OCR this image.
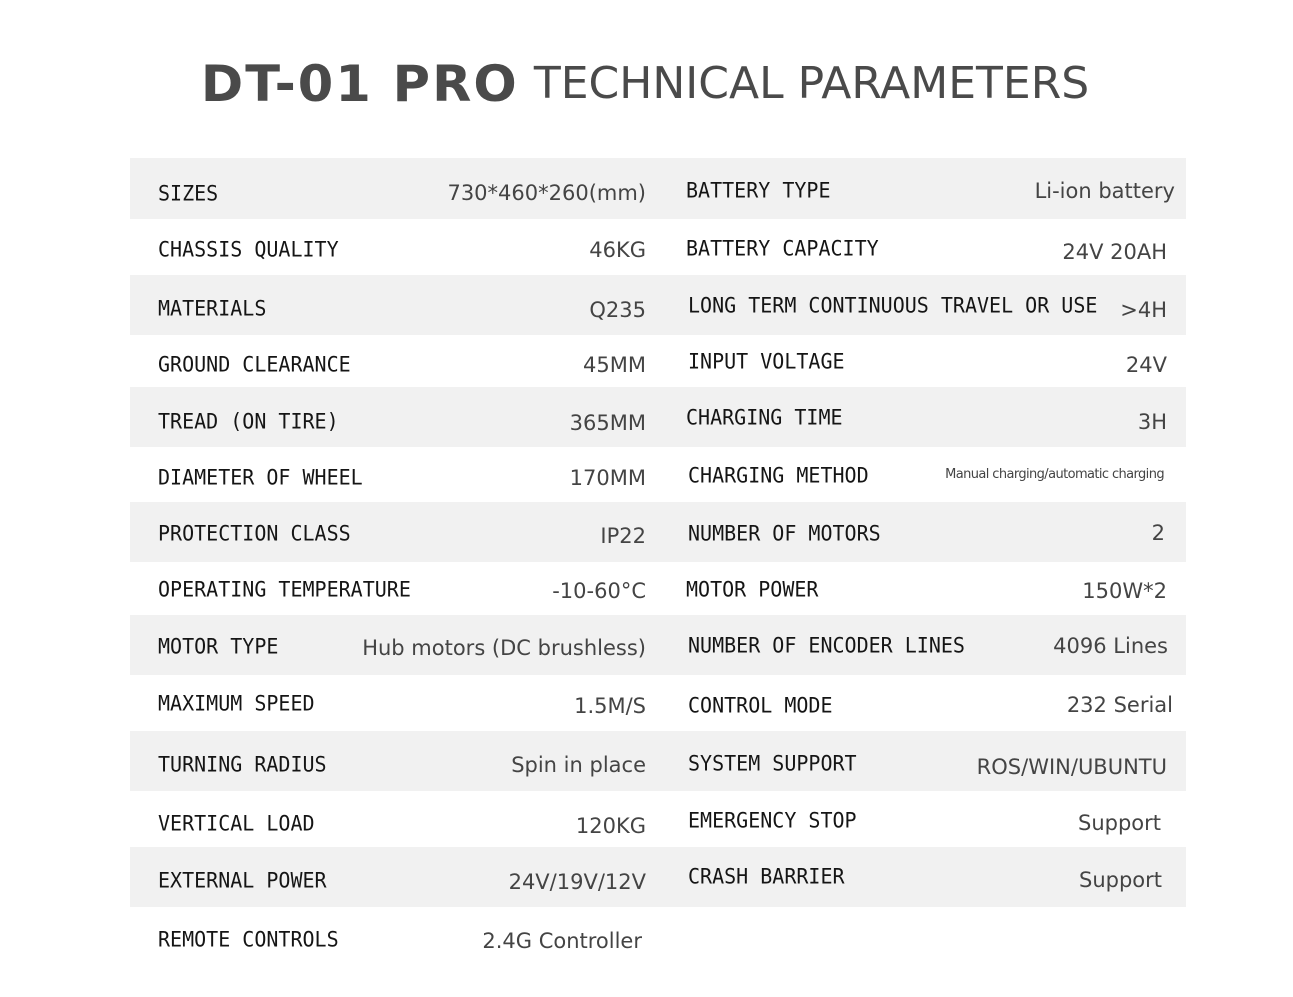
DT-01 PRO TECHNICAL PARAMETERS
SIZES	730*460*260(mm)
CHASSIS QUALITY	46KG
MATERIALS	Q235
GROUND CLEARANCE	45MM
TREAD (ON TIRE)	365MM
DIAMETER OF WHEEL	170MM
PROTECTION CLASS	IP22
OPERATING TEMPERATURE	-10-60°C
MOTOR TYPE	Hub motors (DC brushless)
MAXIMUM SPEED	1.5M/S
TURNING RADIUS	Spin in place
VERTICAL LOAD	120KG
EXTERNAL POWER	24V/19V/12V
REMOTE CONTROLS	2.4G Controller
BATTERY TYPE	Li-ion battery
BATTERY CAPACITY	24V 20AH
LONG TERM CONTINUOUS TRAVEL OR USE >4H
INPUT VOLTAGE	24V
CHARGING TIME	3H
CHARGING METHOD	Manual charging/automatic charging
NUMBER OF MOTORS	2
MOTOR POWER	150W*2
NUMBER OF ENCODER LINES	4096 Lines
CONTROL MODE	232 Serial
SYSTEM SUPPORT	ROS/WIN/UBUNTU
EMERGENCY STOP	Support
CRASH BARRIER	Support
